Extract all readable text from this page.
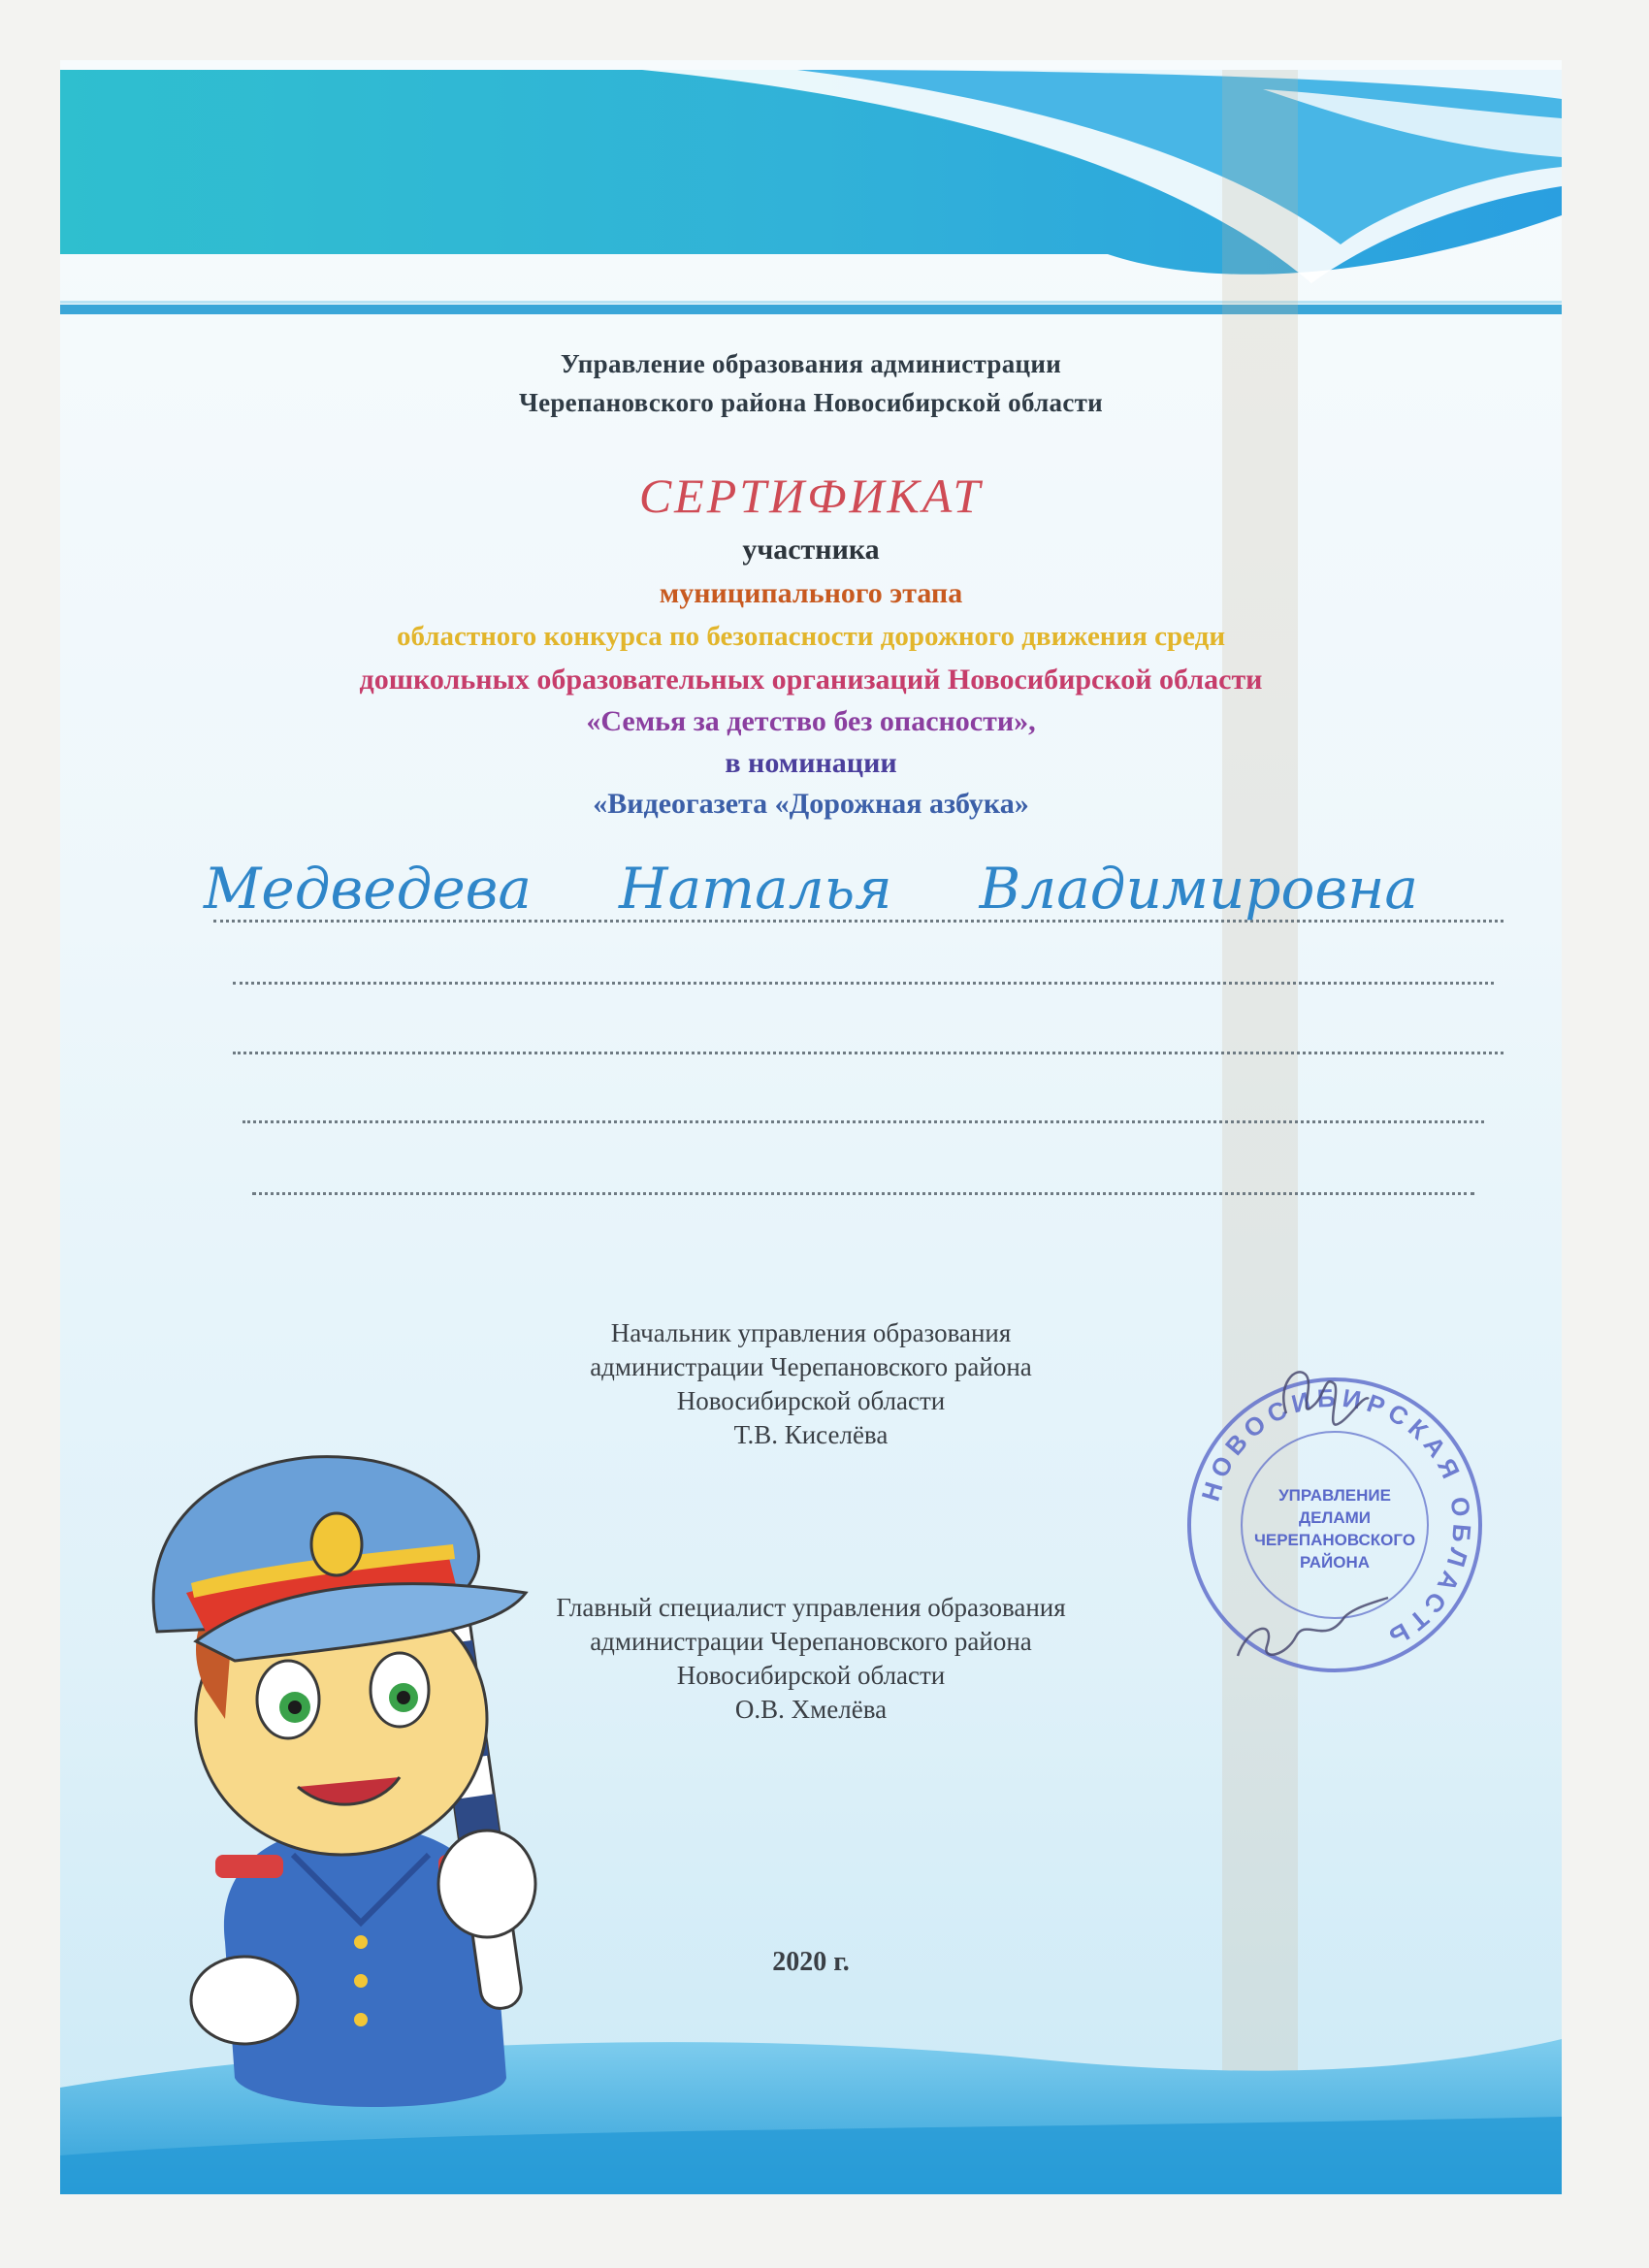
Управление образования администрации
Черепановского района Новосибирской области
СЕРТИФИКАТ
участника
муниципального этапа
областного конкурса по безопасности дорожного движения среди
дошкольных образовательных организаций Новосибирской области
«Семья за детство без опасности»,
в номинации
«Видеогазета «Дорожная азбука»
Медведева Наталья Владимировна
Начальник управления образования
администрации Черепановского района
Новосибирской области
Т.В. Киселёва
Главный специалист управления образования
администрации Черепановского района
Новосибирской области
О.В. Хмелёва
НОВОСИБИРСКАЯ ОБЛАСТЬ
УПРАВЛЕНИЕ
ДЕЛАМИ
ЧЕРЕПАНОВСКОГО
РАЙОНА
2020 г.
